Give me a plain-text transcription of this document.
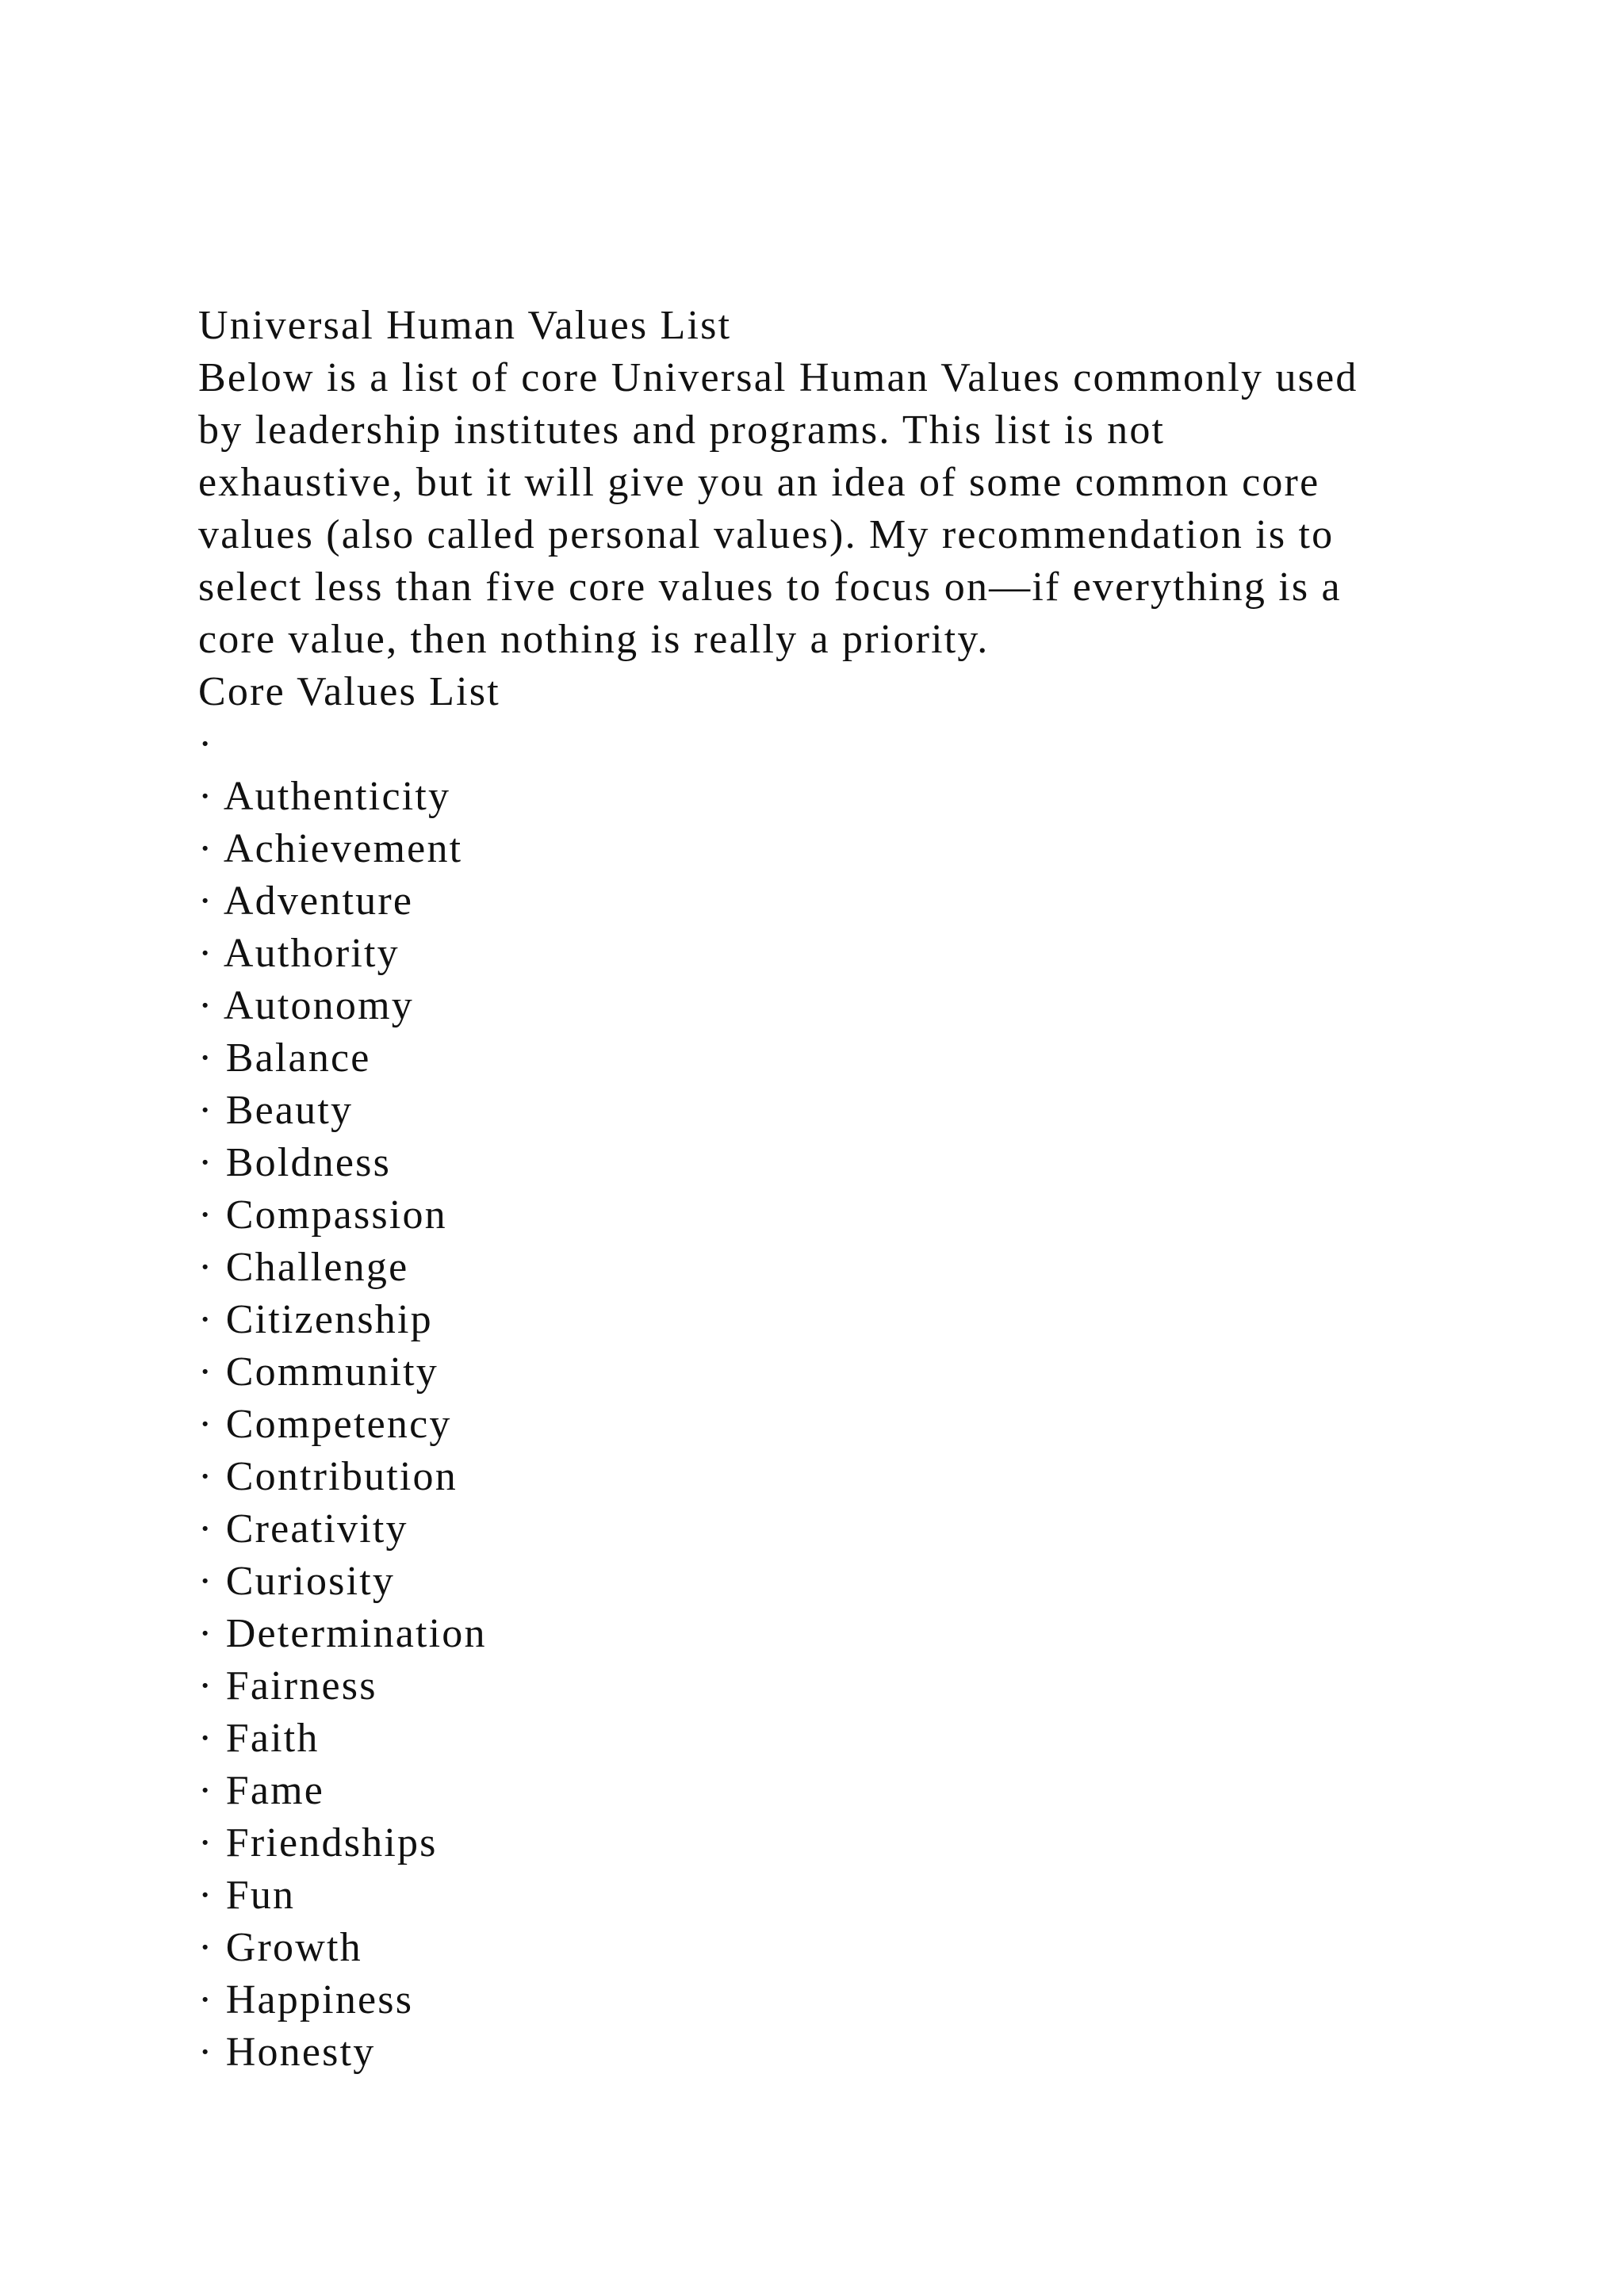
Universal Human Values List

Below is a list of core Universal Human Values commonly used

by leadership institutes and programs. This list is not

exhaustive, but it will give you an idea of some common core

values (also called personal values). My recommendation is to

select less than five core values to focus on—if everything is a

core value, then nothing is really a priority.

Core Values List

·
· Authenticity
· Achievement
· Adventure
· Authority
· Autonomy
· Balance
· Beauty
· Boldness
· Compassion
· Challenge
· Citizenship
· Community
· Competency
· Contribution
· Creativity
· Curiosity
· Determination
· Fairness
· Faith
· Fame
· Friendships
· Fun
· Growth
· Happiness
· Honesty
